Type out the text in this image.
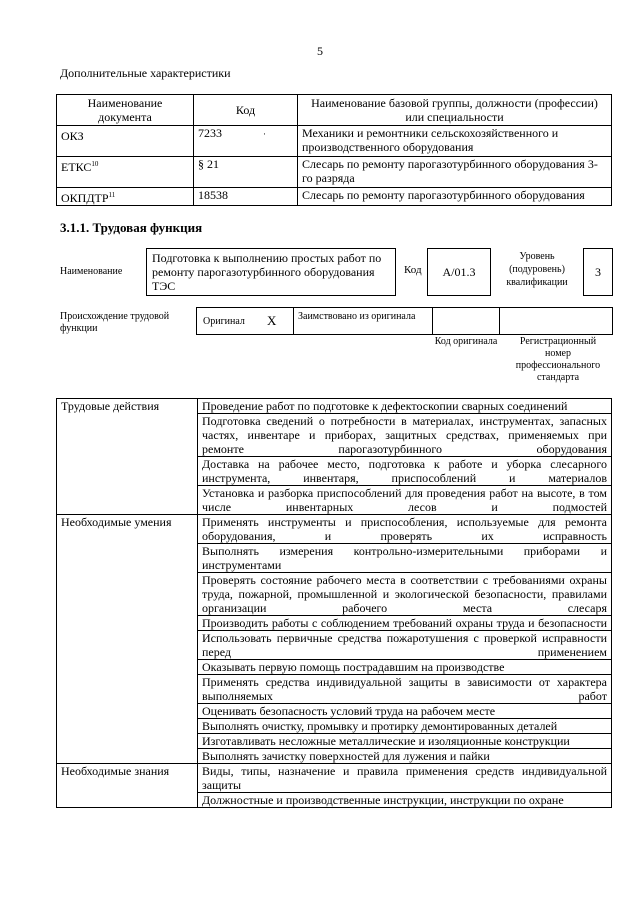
5
Дополнительные характеристики
Наименование документа	Код	Наименование базовой группы, должности (профессии) или специальности
ОКЗ	7233 ·	Механики и ремонтники сельскохозяйственного и производственного оборудования
ЕТКС$^{10}$	§ 21	Слесарь по ремонту парогазотурбинного оборудования 3-го разряда
ОКПДТР$^{11}$	18538	Слесарь по ремонту парогазотурбинного оборудования
3.1.1. Трудовая функция
Наименование
Подготовка к выполнению простых работ по ремонту парогазотурбинного оборудования ТЭС
Код	A/01.3
Уровень (подуровень) квалификации
3
Происхождение трудовой функции
Оригинал X	Заимствовано из оригинала
Код оригинала	Регистрационный номер профессионального стандарта
Трудовые действия	Проведение работ по подготовке к дефектоскопии сварных соединений
	Подготовка сведений о потребности в материалах, инструментах, запасных частях, инвентаре и приборах, защитных средствах, применяемых при ремонте парогазотурбинного оборудования
	Доставка на рабочее место, подготовка к работе и уборка слесарного инструмента, инвентаря, приспособлений и материалов
	Установка и разборка приспособлений для проведения работ на высоте, в том числе инвентарных лесов и подмостей
Необходимые умения	Применять инструменты и приспособления, используемые для ремонта оборудования, и проверять их исправность
	Выполнять измерения контрольно-измерительными приборами и инструментами
	Проверять состояние рабочего места в соответствии с требованиями охраны труда, пожарной, промышленной и экологической безопасности, правилами организации рабочего места слесаря
	Производить работы с соблюдением требований охраны труда и безопасности
	Использовать первичные средства пожаротушения с проверкой исправности перед применением
	Оказывать первую помощь пострадавшим на производстве
	Применять средства индивидуальной защиты в зависимости от характера выполняемых работ
	Оценивать безопасность условий труда на рабочем месте
	Выполнять очистку, промывку и протирку демонтированных деталей
	Изготавливать несложные металлические и изоляционные конструкции
	Выполнять зачистку поверхностей для лужения и пайки
Необходимые знания	Виды, типы, назначение и правила применения средств индивидуальной защиты
	Должностные и производственные инструкции, инструкции по охране
